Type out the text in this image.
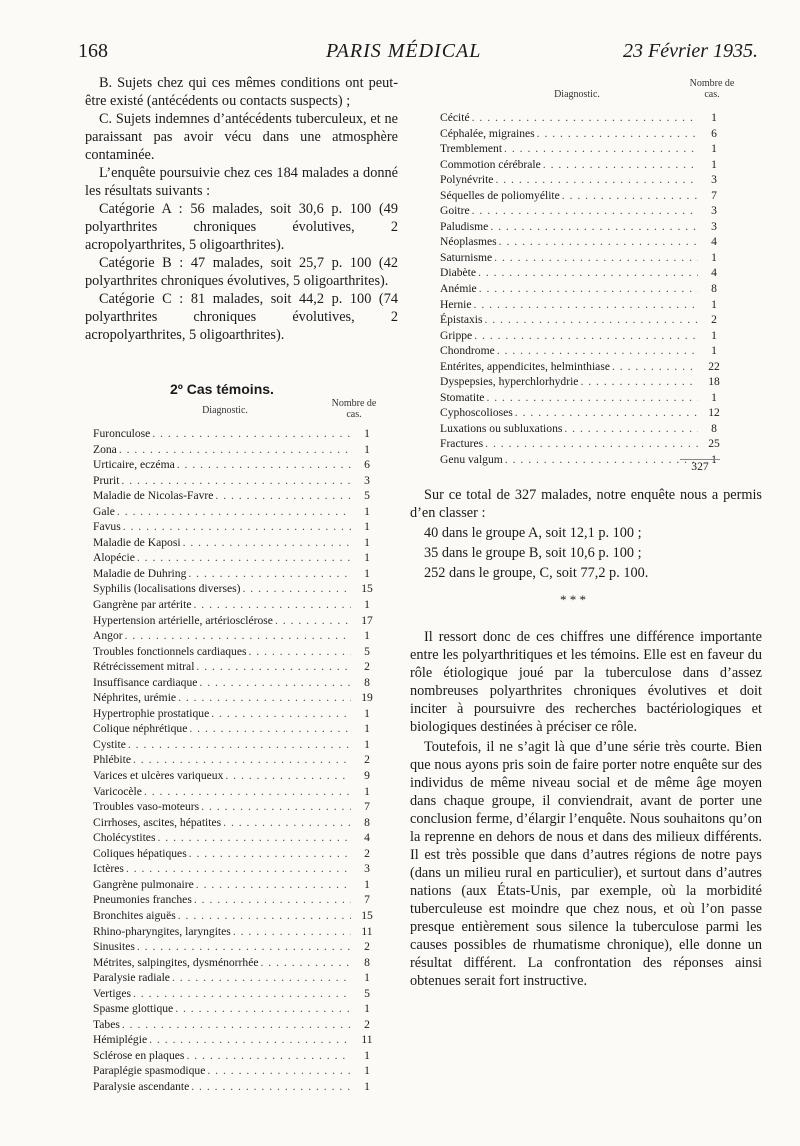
168	PARIS MÉDICAL	23 Février 1935.

B. Sujets chez qui ces mêmes conditions ont peut-être existé (antécédents ou contacts suspects) ;

C. Sujets indemnes d’antécédents tuberculeux, et ne paraissant pas avoir vécu dans une atmosphère contaminée.

L’enquête poursuivie chez ces 184 malades a donné les résultats suivants :

Catégorie A : 56 malades, soit 30,6 p. 100 (49 polyarthrites chroniques évolutives, 2 acropolyarthrites, 5 oligoarthrites).

Catégorie B : 47 malades, soit 25,7 p. 100 (42 polyarthrites chroniques évolutives, 5 oligoarthrites).

Catégorie C : 81 malades, soit 44,2 p. 100 (74 polyarthrites chroniques évolutives, 2 acropolyarthrites, 5 oligoarthrites).

2º Cas témoins.
Diagnostic.
Nombre de cas.
Furonculose . . .	1
Zona . . .	1
Urticaire, eczéma . . .	6
Prurit . . .	3
Maladie de Nicolas-Favre . . .	5
Gale . . .	1
Favus . . .	1
Maladie de Kaposi . . .	1
Alopécie . . .	1
Maladie de Duhring . . .	1
Syphilis (localisations diverses) . . .	15
Gangrène par artérite . . .	1
Hypertension artérielle, artériosclérose . . .	17
Angor . . .	1
Troubles fonctionnels cardiaques . . .	5
Rétrécissement mitral . . .	2
Insuffisance cardiaque . . .	8
Néphrites, urémie . . .	19
Hypertrophie prostatique . . .	1
Colique néphrétique . . .	1
Cystite . . .	1
Phlébite . . .	2
Varices et ulcères variqueux . . .	9
Varicocèle . . .	1
Troubles vaso-moteurs . . .	7
Cirrhoses, ascites, hépatites . . .	8
Cholécystites . . .	4
Coliques hépatiques . . .	2
Ictères . . .	3
Gangrène pulmonaire . . .	1
Pneumonies franches . . .	7
Bronchites aiguës . . .	15
Rhino-pharyngites, laryngites . . .	11
Sinusites . . .	2
Métrites, salpingites, dysménorrhée . . .	8
Paralysie radiale . . .	1
Vertiges . . .	5
Spasme glottique . . .	1
Tabes . . .	2
Hémiplégie . . .	11
Sclérose en plaques . . .	1
Paraplégie spasmodique . . .	1
Paralysie ascendante . . .	1
Diagnostic.
Nombre de cas.
Cécité . . .	1
Céphalée, migraines . . .	6
Tremblement . . .	1
Commotion cérébrale . . .	1
Polynévrite . . .	3
Séquelles de poliomyélite . . .	7
Goitre . . .	3
Paludisme . . .	3
Néoplasmes . . .	4
Saturnisme . . .	1
Diabète . . .	4
Anémie . . .	8
Hernie . . .	1
Épistaxis . . .	2
Grippe . . .	1
Chondrome . . .	1
Entérites, appendicites, helminthiase . . .	22
Dyspepsies, hyperchlorhydrie . . .	18
Stomatite . . .	1
Cyphoscolioses . . .	12
Luxations ou subluxations . . .	8
Fractures . . .	25
Genu valgum . . .	1
327

Sur ce total de 327 malades, notre enquête nous a permis d’en classer :

40 dans le groupe A, soit 12,1 p. 100 ;

35 dans le groupe B, soit 10,6 p. 100 ;

252 dans le groupe, C, soit 77,2 p. 100.

Il ressort donc de ces chiffres une différence importante entre les polyarthritiques et les témoins. Elle est en faveur du rôle étiologique joué par la tuberculose dans d’assez nombreuses polyarthrites chroniques évolutives et doit inciter à poursuivre des recherches bactériologiques et biologiques destinées à préciser ce rôle.

Toutefois, il ne s’agit là que d’une série très courte. Bien que nous ayons pris soin de faire porter notre enquête sur des individus de même niveau social et de même âge moyen dans chaque groupe, il conviendrait, avant de porter une conclusion ferme, d’élargir l’enquête. Nous souhaitons qu’on la reprenne en dehors de nous et dans des milieux différents. Il est très possible que dans d’autres régions de notre pays (dans un milieu rural en particulier), et surtout dans d’autres nations (aux États-Unis, par exemple, où la morbidité tuberculeuse est moindre que chez nous, et où l’on passe presque entièrement sous silence la tuberculose parmi les causes possibles de rhumatisme chronique), elle donne un résultat différent. La confrontation des réponses ainsi obtenues serait fort instructive.

* * *
